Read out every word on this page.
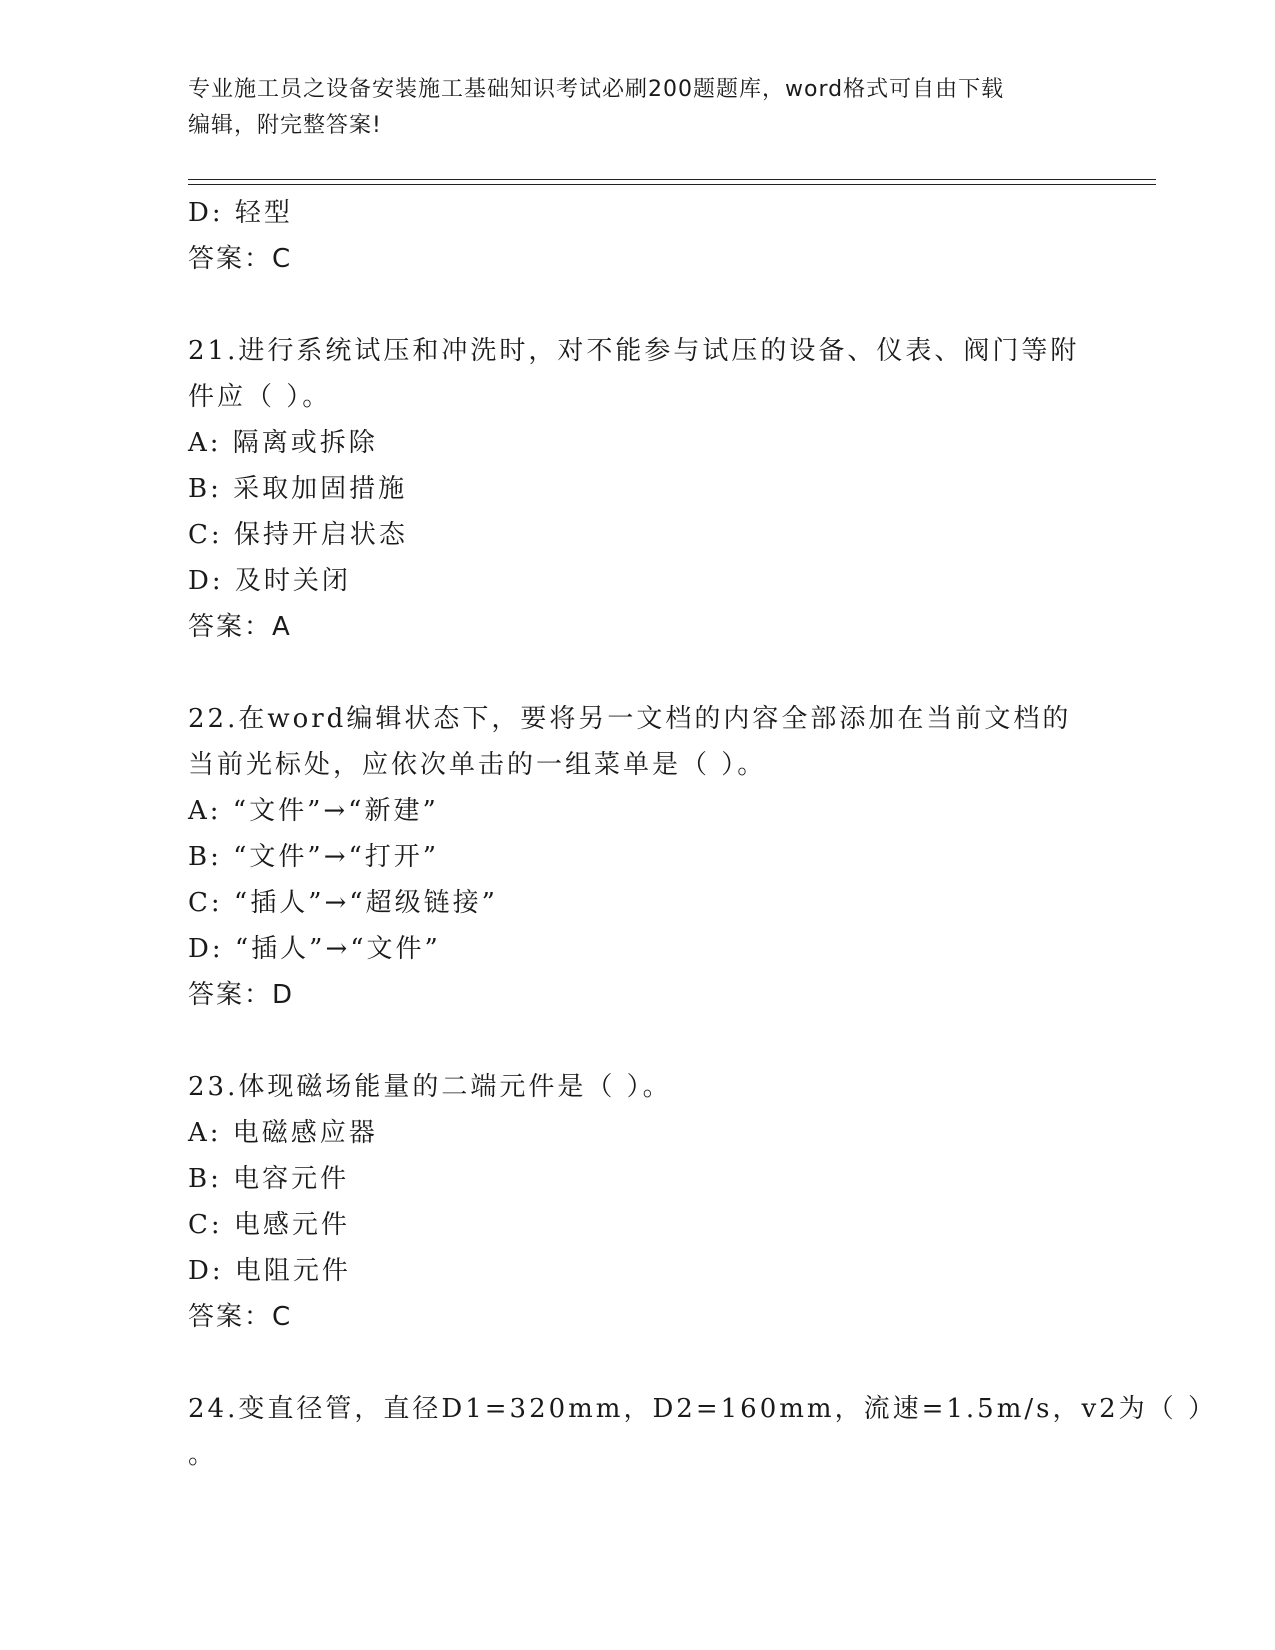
专业施工员之设备安装施工基础知识考试必刷200题题库，word格式可自由下载
编辑，附完整答案!
D: 轻型
答案：C
21.进行系统试压和冲洗时，对不能参与试压的设备、仪表、阀门等附
件应（ ）。
A: 隔离或拆除
B: 采取加固措施
C: 保持开启状态
D: 及时关闭
答案：A
22.在word编辑状态下，要将另一文档的内容全部添加在当前文档的
当前光标处，应依次单击的一组菜单是（ ）。
A: “文件”→“新建”
B: “文件”→“打开”
C: “插人”→“超级链接”
D: “插人”→“文件”
答案：D
23.体现磁场能量的二端元件是（ ）。
A: 电磁感应器
B: 电容元件
C: 电感元件
D: 电阻元件
答案：C
24.变直径管，直径D1=320mm，D2=160mm，流速=1.5m/s，v2为（ ）
。
